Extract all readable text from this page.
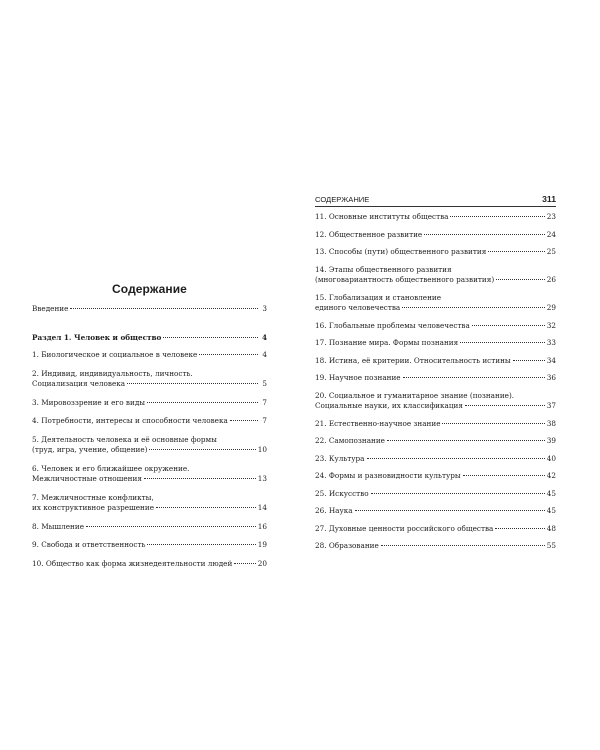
Содержание
Введение	3
Раздел 1. Человек и общество	4
1. Биологическое и социальное в человеке	4
2. Индивид, индивидуальность, личность.
Социализация человека	5
3. Мировоззрение и его виды	7
4. Потребности, интересы и способности человека	7
5. Деятельность человека и её основные формы
(труд, игра, учение, общение)	10
6. Человек и его ближайшее окружение.
Межличностные отношения	13
7. Межличностные конфликты,
их конструктивное разрешение	14
8. Мышление	16
9. Свобода и ответственность	19
10. Общество как форма жизнедеятельности людей	20
СОДЕРЖАНИЕ	311
11. Основные институты общества	23
12. Общественное развитие	24
13. Способы (пути) общественного развития	25
14. Этапы общественного развития
(многовариантность общественного развития)	26
15. Глобализация и становление
единого человечества	29
16. Глобальные проблемы человечества	32
17. Познание мира. Формы познания	33
18. Истина, её критерии. Относительность истины	34
19. Научное познание	36
20. Социальное и гуманитарное знание (познание).
Социальные науки, их классификация	37
21. Естественно-научное знание	38
22. Самопознание	39
23. Культура	40
24. Формы и разновидности культуры	42
25. Искусство	45
26. Наука	45
27. Духовные ценности российского общества	48
28. Образование	55
